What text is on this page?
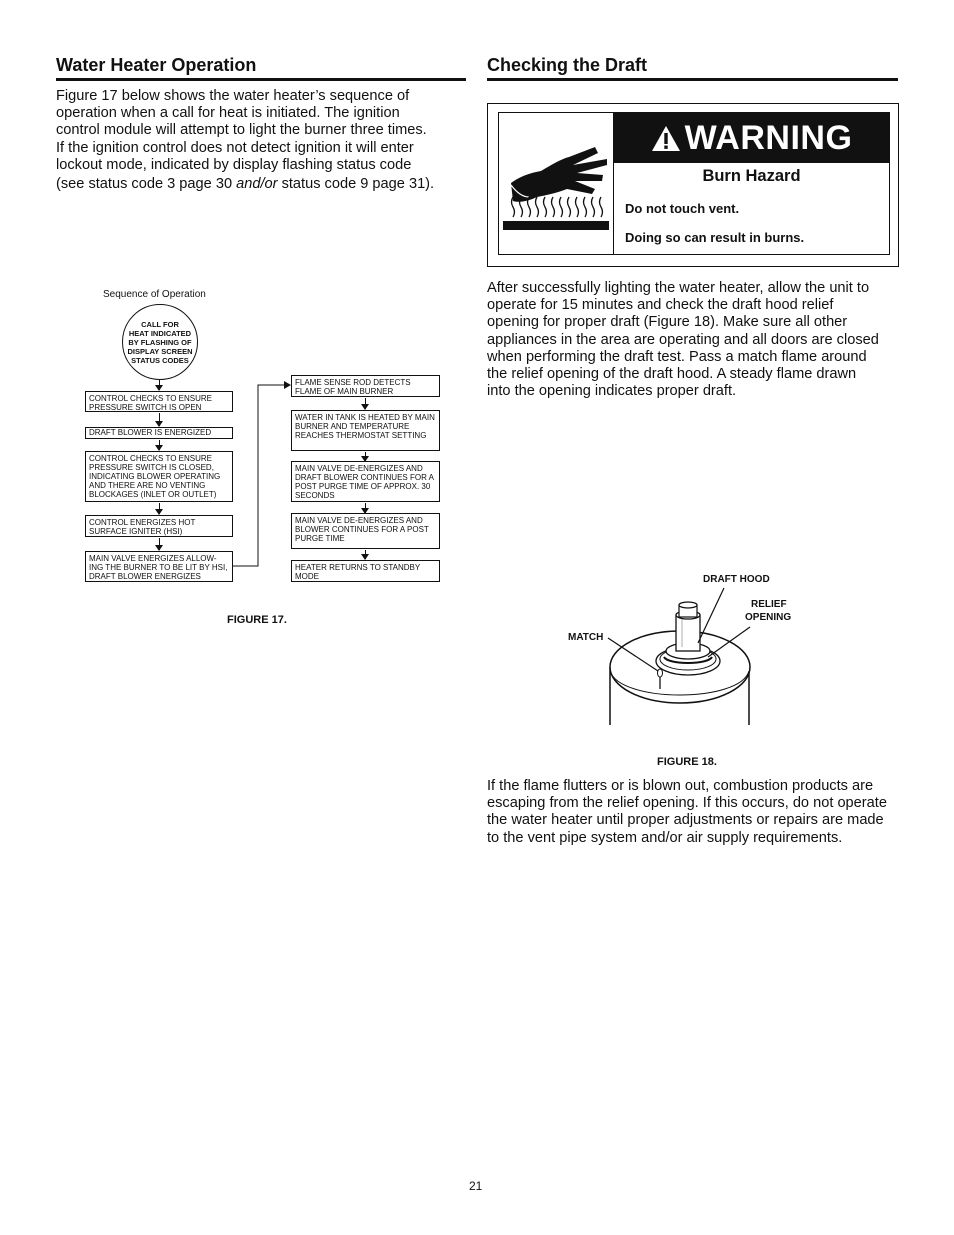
Water Heater Operation
Figure 17 below shows the water heater’s sequence of
operation when a call for heat is initiated. The ignition
control module will attempt to light the burner three times.
If the ignition control does not detect ignition it will enter
lockout mode, indicated by display flashing status code
(see status code 3 page 30 and/or status code 9 page 31).
Sequence of Operation
CALL FOR
HEAT INDICATED
BY FLASHING OF
DISPLAY SCREEN
STATUS CODES
CONTROL CHECKS TO ENSURE PRESSURE SWITCH IS OPEN
DRAFT BLOWER IS ENERGIZED
CONTROL CHECKS TO ENSURE PRESSURE SWITCH IS CLOSED, INDICATING BLOWER OPERATING AND THERE ARE NO VENTING BLOCKAGES (INLET OR OUTLET)
CONTROL ENERGIZES HOT SURFACE IGNITER (HSI)
MAIN VALVE ENERGIZES ALLOW- ING THE BURNER TO BE LIT BY HSI, DRAFT BLOWER ENERGIZES
FLAME SENSE ROD DETECTS FLAME OF MAIN BURNER
WATER IN TANK IS HEATED BY MAIN BURNER AND TEMPERATURE REACHES THERMOSTAT SETTING
MAIN VALVE DE-ENERGIZES AND DRAFT BLOWER CONTINUES FOR A POST PURGE TIME OF APPROX. 30 SECONDS
MAIN VALVE DE-ENERGIZES AND BLOWER CONTINUES FOR A POST PURGE TIME
HEATER RETURNS TO STANDBY MODE
FIGURE 17.
Checking the Draft
WARNING
Burn Hazard
Do not touch vent.
Doing so can result in burns.
After successfully lighting the water heater, allow the unit to
operate for 15 minutes and check the draft hood relief
opening for proper draft (Figure 18). Make sure all other
appliances in the area are operating and all doors are closed
when performing the draft test. Pass a match flame around
the relief opening of the draft hood. A steady flame drawn
into the opening indicates proper draft.
DRAFT HOOD
RELIEF
OPENING
MATCH
FIGURE 18.
If the flame flutters or is blown out, combustion products are
escaping from the relief opening. If this occurs, do not operate
the water heater until proper adjustments or repairs are made
to the vent pipe system and/or air supply requirements.
21
